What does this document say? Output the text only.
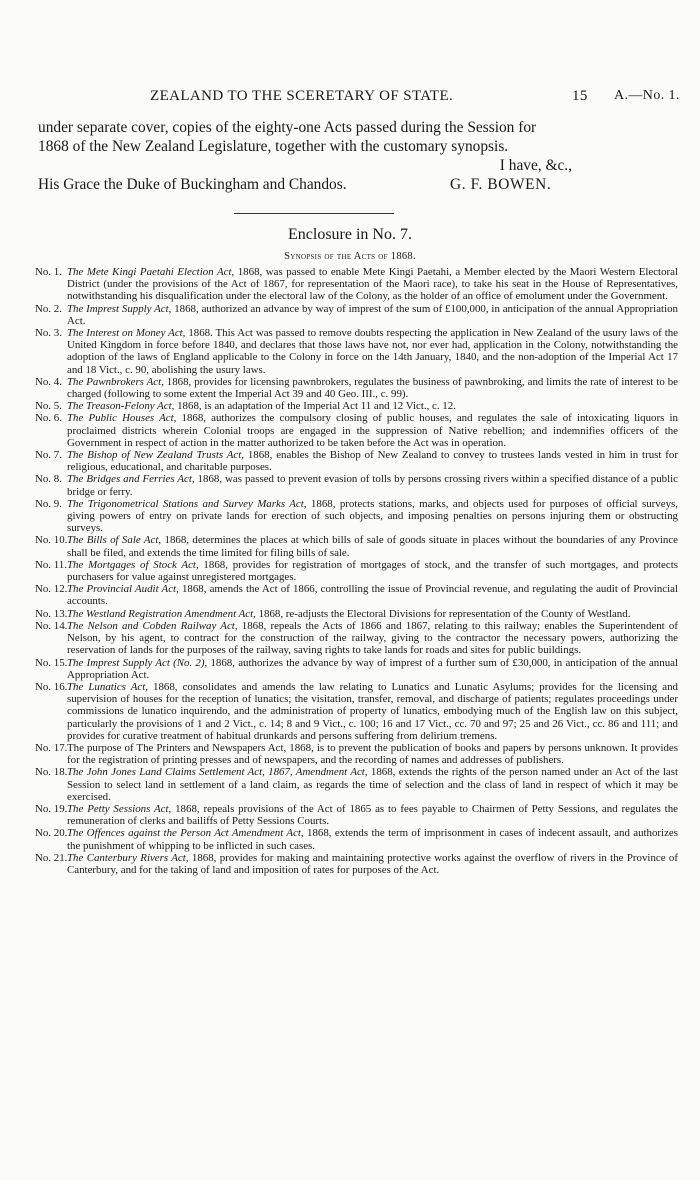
ZEALAND TO THE SCERETARY OF STATE.	15 A.—No. 1.

under separate cover, copies of the eighty-one Acts passed during the Session for

1868 of the New Zealand Legislature, together with the customary synopsis.

I have, &c.,

His Grace the Duke of Buckingham and Chandos.	G. F. BOWEN.
Enclosure in No. 7.
Synopsis of the Acts of 1868.
No. 1. The Mete Kingi Paetahi Election Act, 1868, was passed to enable Mete Kingi Paetahi, a Member elected by the Maori Western Electoral District (under the provisions of the Act of 1867, for representation of the Maori race), to take his seat in the House of Representatives, notwithstanding his disqualification under the electoral law of the Colony, as the holder of an office of emolument under the Government.
No. 2. The Imprest Supply Act, 1868, authorized an advance by way of imprest of the sum of £100,000, in anticipation of the annual Appropriation Act.
No. 3. The Interest on Money Act, 1868. This Act was passed to remove doubts respecting the application in New Zealand of the usury laws of the United Kingdom in force before 1840, and declares that those laws have not, nor ever had, application in the Colony, notwithstanding the adoption of the laws of England applicable to the Colony in force on the 14th January, 1840, and the non-adoption of the Imperial Act 17 and 18 Vict., c. 90, abolishing the usury laws.
No. 4. The Pawnbrokers Act, 1868, provides for licensing pawnbrokers, regulates the business of pawnbroking, and limits the rate of interest to be charged (following to some extent the Imperial Act 39 and 40 Geo. III., c. 99).
No. 5. The Treason-Felony Act, 1868, is an adaptation of the Imperial Act 11 and 12 Vict., c. 12.
No. 6. The Public Houses Act, 1868, authorizes the compulsory closing of public houses, and regulates the sale of intoxicating liquors in proclaimed districts wherein Colonial troops are engaged in the suppression of Native rebellion; and indemnifies officers of the Government in respect of action in the matter authorized to be taken before the Act was in operation.
No. 7. The Bishop of New Zealand Trusts Act, 1868, enables the Bishop of New Zealand to convey to trustees lands vested in him in trust for religious, educational, and charitable purposes.
No. 8. The Bridges and Ferries Act, 1868, was passed to prevent evasion of tolls by persons crossing rivers within a specified distance of a public bridge or ferry.
No. 9. The Trigonometrical Stations and Survey Marks Act, 1868, protects stations, marks, and objects used for purposes of official surveys, giving powers of entry on private lands for erection of such objects, and imposing penalties on persons injuring them or obstructing surveys.
No. 10. The Bills of Sale Act, 1868, determines the places at which bills of sale of goods situate in places without the boundaries of any Province shall be filed, and extends the time limited for filing bills of sale.
No. 11. The Mortgages of Stock Act, 1868, provides for registration of mortgages of stock, and the transfer of such mortgages, and protects purchasers for value against unregistered mortgages.
No. 12. The Provincial Audit Act, 1868, amends the Act of 1866, controlling the issue of Provincial revenue, and regulating the audit of Provincial accounts.
No. 13. The Westland Registration Amendment Act, 1868, re-adjusts the Electoral Divisions for representation of the County of Westland.
No. 14. The Nelson and Cobden Railway Act, 1868, repeals the Acts of 1866 and 1867, relating to this railway; enables the Superintendent of Nelson, by his agent, to contract for the construction of the railway, giving to the contractor the necessary powers, authorizing the reservation of lands for the purposes of the railway, saving rights to take lands for roads and sites for public buildings.
No. 15. The Imprest Supply Act (No. 2), 1868, authorizes the advance by way of imprest of a further sum of £30,000, in anticipation of the annual Appropriation Act.
No. 16. The Lunatics Act, 1868, consolidates and amends the law relating to Lunatics and Lunatic Asylums; provides for the licensing and supervision of houses for the reception of lunatics; the visitation, transfer, removal, and discharge of patients; regulates proceedings under commissions de lunatico inquirendo, and the administration of property of lunatics, embodying much of the English law on this subject, particularly the provisions of 1 and 2 Vict., c. 14; 8 and 9 Vict., c. 100; 16 and 17 Vict., cc. 70 and 97; 25 and 26 Vict., cc. 86 and 111; and provides for curative treatment of habitual drunkards and persons suffering from delirium tremens.
No. 17. The purpose of The Printers and Newspapers Act, 1868, is to prevent the publication of books and papers by persons unknown. It provides for the registration of printing presses and of newspapers, and the recording of names and addresses of publishers.
No. 18. The John Jones Land Claims Settlement Act, 1867, Amendment Act, 1868, extends the rights of the person named under an Act of the last Session to select land in settlement of a land claim, as regards the time of selection and the class of land in respect of which it may be exercised.
No. 19. The Petty Sessions Act, 1868, repeals provisions of the Act of 1865 as to fees payable to Chairmen of Petty Sessions, and regulates the remuneration of clerks and bailiffs of Petty Sessions Courts.
No. 20. The Offences against the Person Act Amendment Act, 1868, extends the term of imprisonment in cases of indecent assault, and authorizes the punishment of whipping to be inflicted in such cases.
No. 21. The Canterbury Rivers Act, 1868, provides for making and maintaining protective works against the overflow of rivers in the Province of Canterbury, and for the taking of land and imposition of rates for purposes of the Act.
